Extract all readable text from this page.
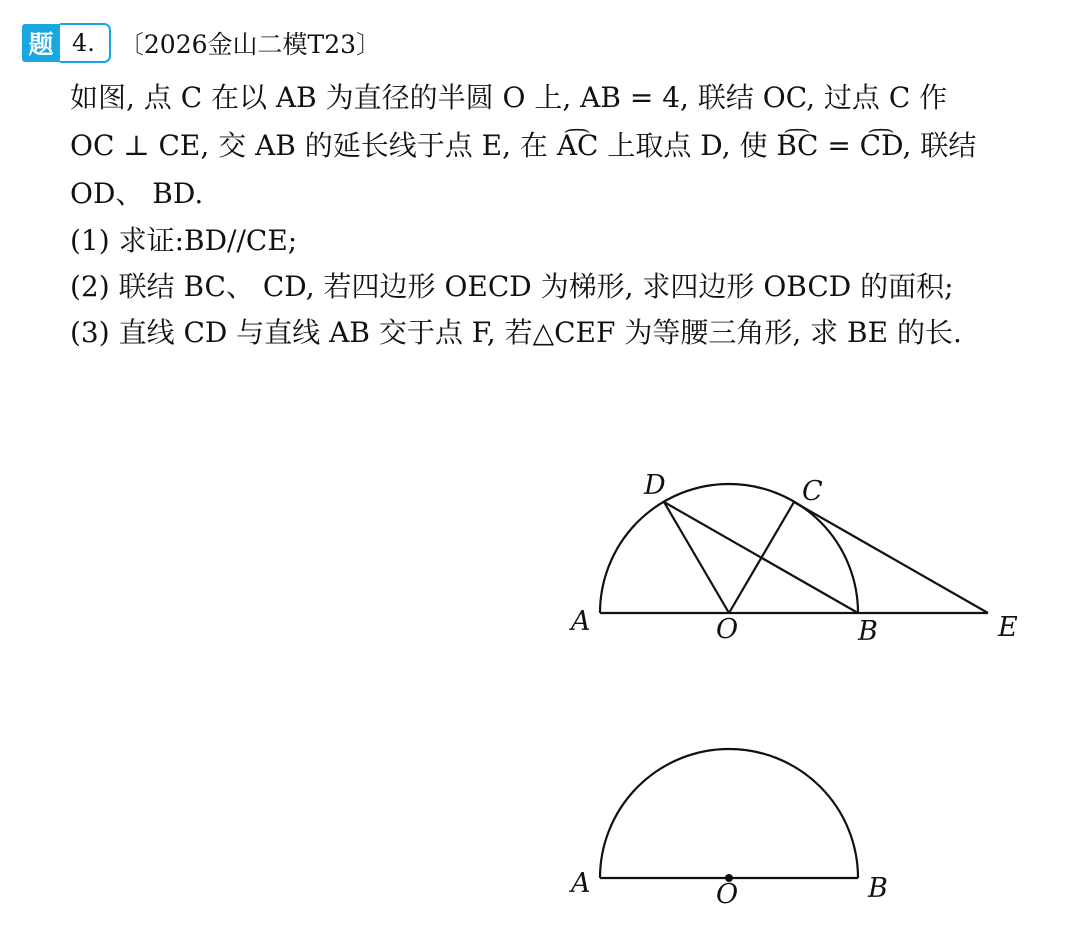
题 4. 〔2026金山二模T23〕
如图, 点 C 在以 AB 为直径的半圆 O 上, AB = 4, 联结 OC, 过点 C 作
OC ⊥ CE, 交 AB 的延长线于点 E, 在 A͡C 上取点 D, 使 B͡C = C͡D, 联结
OD、 BD.
(1) 求证:BD//CE;
(2) 联结 BC、 CD, 若四边形 OECD 为梯形, 求四边形 OBCD 的面积;
(3) 直线 CD 与直线 AB 交于点 F, 若△CEF 为等腰三角形, 求 BE 的长.
A	O	B	E
C
D
A	O	B
